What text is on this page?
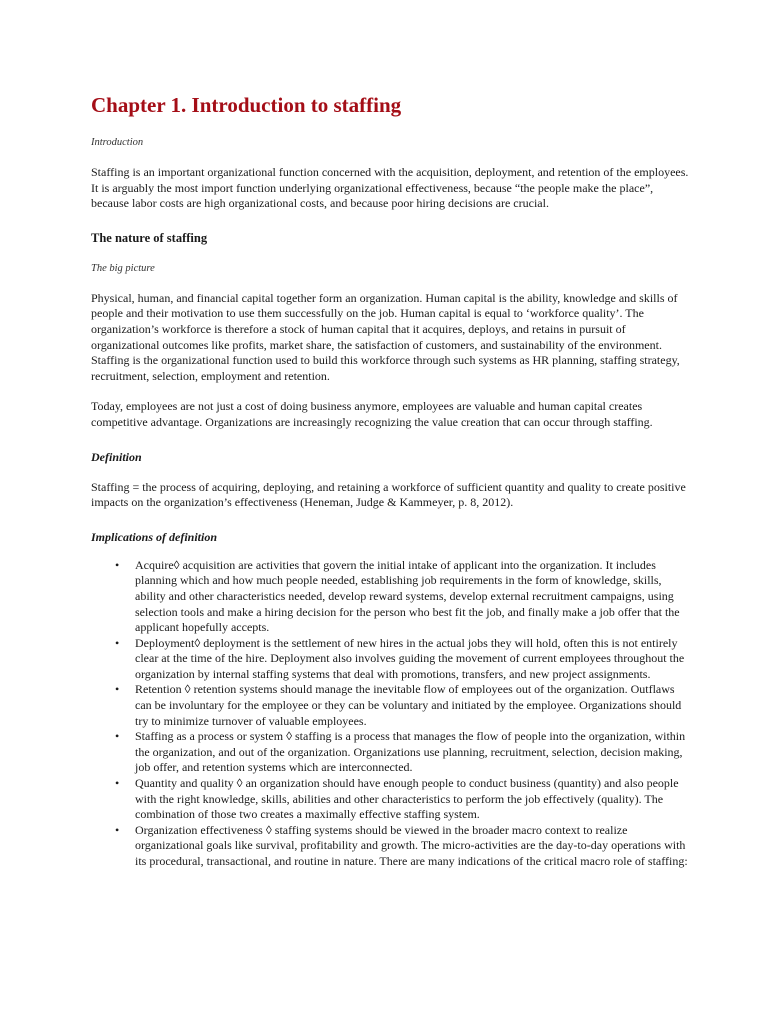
Chapter 1. Introduction to staffing

Introduction

Staffing is an important organizational function concerned with the acquisition, deployment, and retention of the employees. It is arguably the most import function underlying organizational effectiveness, because “the people make the place”, because labor costs are high organizational costs, and because poor hiring decisions are crucial.

The nature of staffing

The big picture

Physical, human, and financial capital together form an organization. Human capital is the ability, knowledge and skills of people and their motivation to use them successfully on the job. Human capital is equal to ‘workforce quality’. The organization’s workforce is therefore a stock of human capital that it acquires, deploys, and retains in pursuit of organizational outcomes like profits, market share, the satisfaction of customers, and sustainability of the environment. Staffing is the organizational function used to build this workforce through such systems as HR planning, staffing strategy, recruitment, selection, employment and retention.

Today, employees are not just a cost of doing business anymore, employees are valuable and human capital creates competitive advantage. Organizations are increasingly recognizing the value creation that can occur through staffing.

Definition

Staffing = the process of acquiring, deploying, and retaining a workforce of sufficient quantity and quality to create positive impacts on the organization’s effectiveness (Heneman, Judge & Kammeyer, p. 8, 2012).

Implications of definition
• Acquire◊ acquisition are activities that govern the initial intake of applicant into the organization. It includes planning which and how much people needed, establishing job requirements in the form of knowledge, skills, ability and other characteristics needed, develop reward systems, develop external recruitment campaigns, using selection tools and make a hiring decision for the person who best fit the job, and finally make a job offer that the applicant hopefully accepts.
• Deployment◊ deployment is the settlement of new hires in the actual jobs they will hold, often this is not entirely clear at the time of the hire. Deployment also involves guiding the movement of current employees throughout the organization by internal staffing systems that deal with promotions, transfers, and new project assignments.
• Retention ◊ retention systems should manage the inevitable flow of employees out of the organization. Outflaws can be involuntary for the employee or they can be voluntary and initiated by the employee. Organizations should try to minimize turnover of valuable employees.
• Staffing as a process or system ◊ staffing is a process that manages the flow of people into the organization, within the organization, and out of the organization. Organizations use planning, recruitment, selection, decision making, job offer, and retention systems which are interconnected.
• Quantity and quality ◊ an organization should have enough people to conduct business (quantity) and also people with the right knowledge, skills, abilities and other characteristics to perform the job effectively (quality). The combination of those two creates a maximally effective staffing system.
• Organization effectiveness ◊ staffing systems should be viewed in the broader macro context to realize organizational goals like survival, profitability and growth. The micro-activities are the day-to-day operations with its procedural, transactional, and routine in nature. There are many indications of the critical macro role of staffing:
